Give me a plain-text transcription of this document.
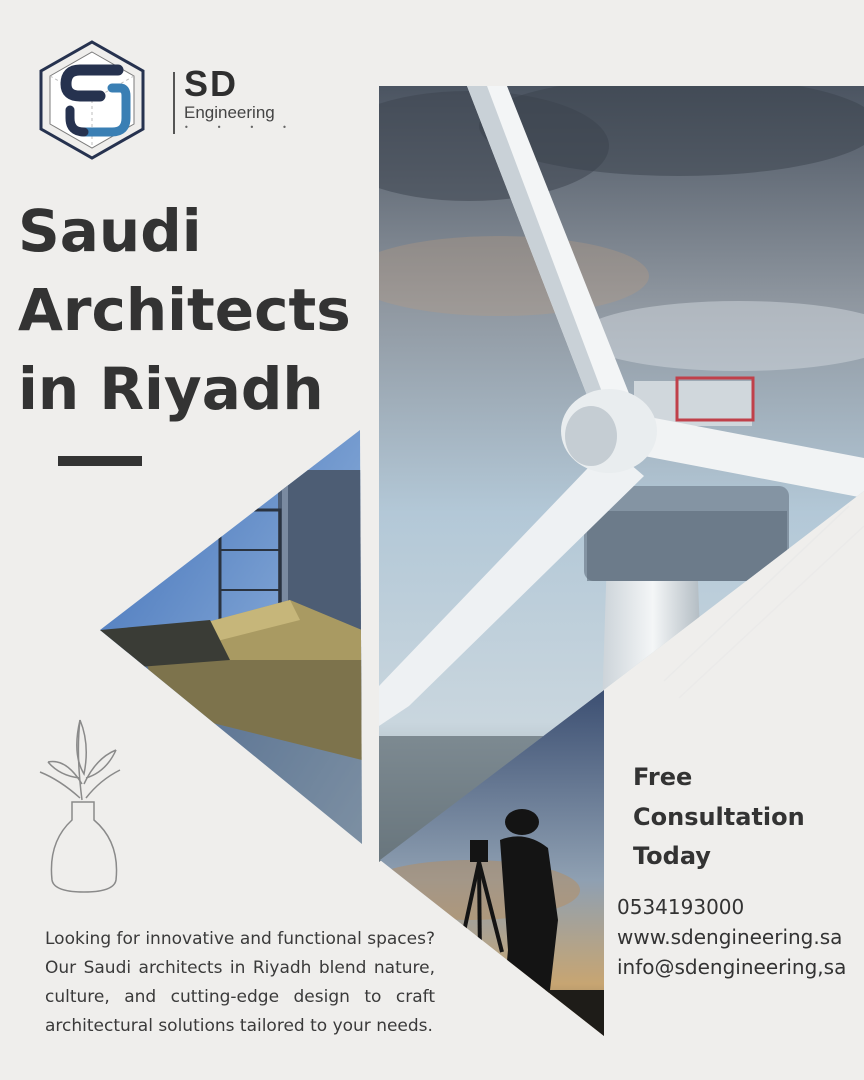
SD
Engineering
••••
Saudi
Architects
in Riyadh
Free
Consultation
Today
0534193000
www.sdengineering.sa
info@sdengineering,sa
Looking for innovative and functional spaces? Our Saudi architects in Riyadh blend nature, culture, and cutting-edge design to craft architectural solutions tailored to your needs.
